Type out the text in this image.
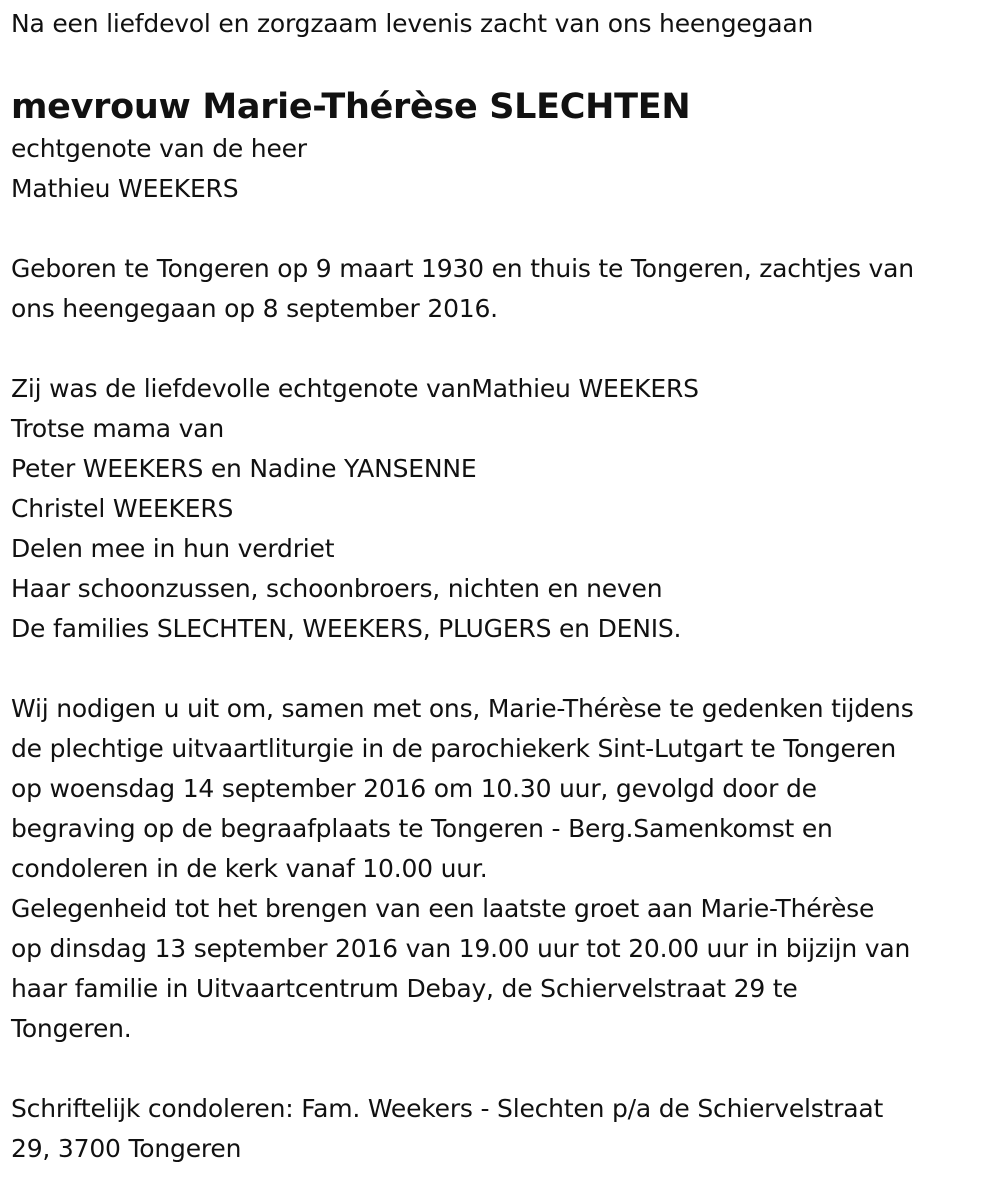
Na een liefdevol en zorgzaam levenis zacht van ons heengegaan
mevrouw Marie-Thérèse SLECHTEN
echtgenote van de heer
Mathieu WEEKERS
Geboren te Tongeren op 9 maart 1930 en thuis te Tongeren, zachtjes van
ons heengegaan op 8 september 2016.
Zij was de liefdevolle echtgenote vanMathieu WEEKERS
Trotse mama van
Peter WEEKERS en Nadine YANSENNE
Christel WEEKERS
Delen mee in hun verdriet
Haar schoonzussen, schoonbroers, nichten en neven
De families SLECHTEN, WEEKERS, PLUGERS en DENIS.
Wij nodigen u uit om, samen met ons, Marie-Thérèse te gedenken tijdens
de plechtige uitvaartliturgie in de parochiekerk Sint-Lutgart te Tongeren
op woensdag 14 september 2016 om 10.30 uur, gevolgd door de
begraving op de begraafplaats te Tongeren - Berg.Samenkomst en
condoleren in de kerk vanaf 10.00 uur.
Gelegenheid tot het brengen van een laatste groet aan Marie-Thérèse
op dinsdag 13 september 2016 van 19.00 uur tot 20.00 uur in bijzijn van
haar familie in Uitvaartcentrum Debay, de Schiervelstraat 29 te
Tongeren.
Schriftelijk condoleren: Fam. Weekers - Slechten p/a de Schiervelstraat
29, 3700 Tongeren
